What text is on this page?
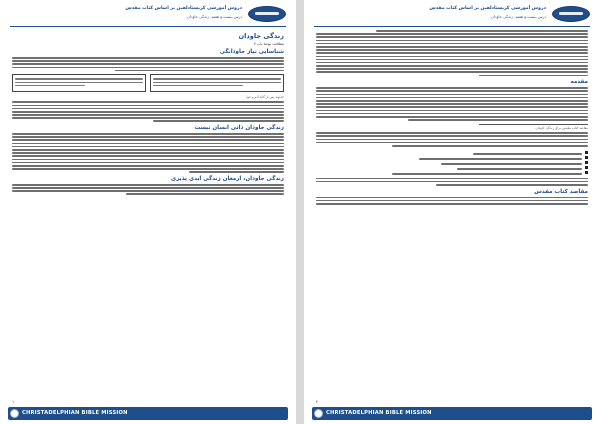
دروس آموزشی کریستادلفین بر اساس کتاب مقدس
درس بیست و هفتم: زندگی جاودان
زندگی جاودان
مطالعه: یوحنا باب ۳
شناسایی نیاز جاودانگی
خداوند پس از گناه آدم و حوا
زندگی جاودان ذاتی انسان نیست
زندگی جاودان، ارمغان زندگی ابدی پذیری
۱
CHRISTADELPHIAN BIBLE MISSION
دروس آموزشی کریستادلفین بر اساس کتاب مقدس
درس بیست و هفتم: زندگی جاودان
مقدمه
مقاصد کتاب مقدس برای زندگی جاودان
مقاصد کتاب مقدس
۲
CHRISTADELPHIAN BIBLE MISSION
